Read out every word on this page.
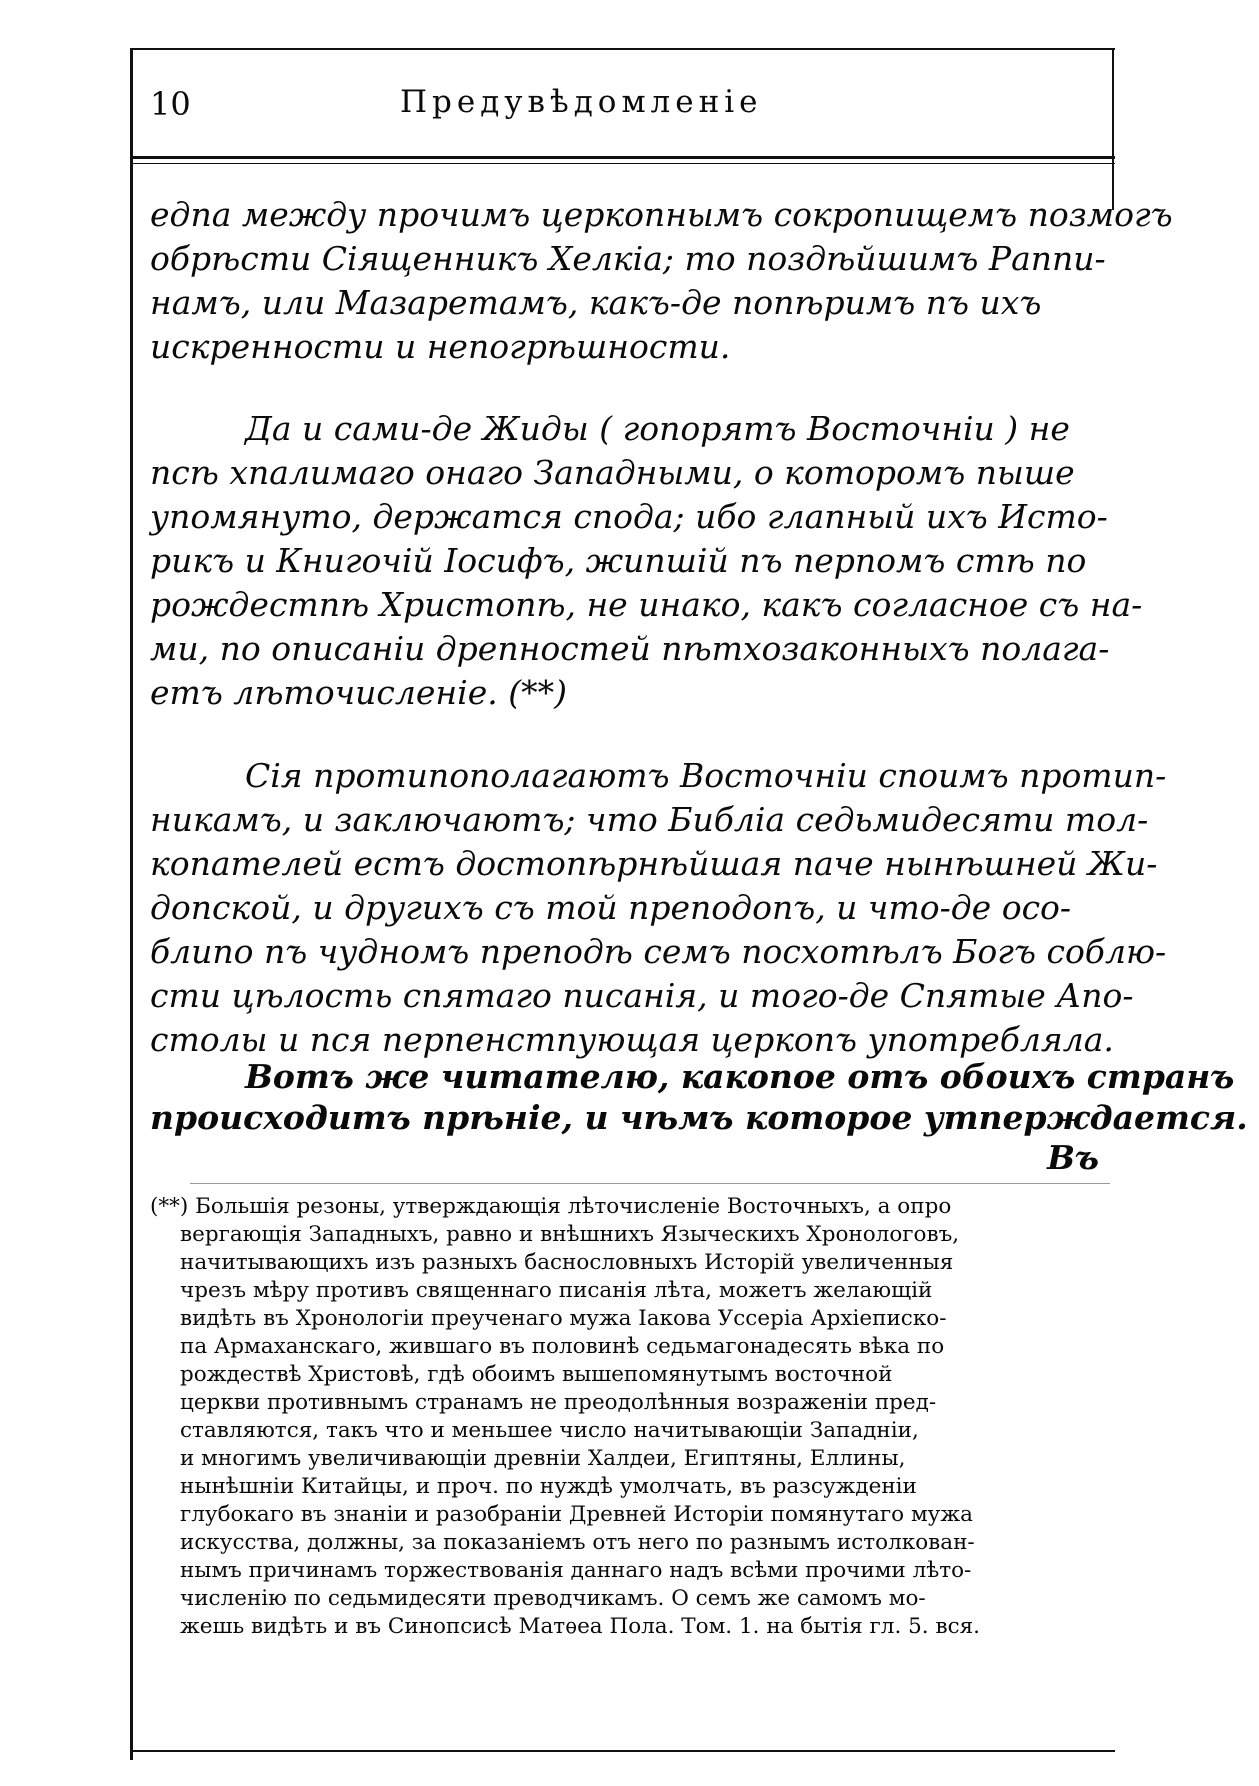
10	Предувѣдомленіе
едпа между прочимъ церкопнымъ сокропищемъ позмогъ
обрѣсти Сіященникъ Хелкіа; то поздѣйшимъ Раппи-
намъ, или Мазаретамъ, какъ-де попѣримъ пъ ихъ
искренности и непогрѣшности.
Да и сами-де Жиды ( гопорятъ Восточніи ) не
псѣ хпалимаго онаго Западными, о которомъ пыше
упомянуто, держатся спода; ибо глапный ихъ Исто-
рикъ и Книгочій Іосифъ, жипшій пъ перпомъ стѣ по
рождестпѣ Христопѣ, не инако, какъ согласное съ на-
ми, по описаніи дрепностей пѣтхозаконныхъ полага-
етъ лѣточисленіе. (**)
Сія протипополагаютъ Восточніи споимъ протип-
никамъ, и заключаютъ; что Библіа седьмидесяти тол-
копателей естъ достопѣрнѣйшая паче нынѣшней Жи-
допской, и другихъ съ той преподопъ, и что-де осо-
блипо пъ чудномъ преподѣ семъ посхотѣлъ Богъ соблю-
сти цѣлость спятаго писанія, и того-де Спятые Апо-
столы и пся перпенстпующая церкопъ употребляла.
Вотъ же читателю, какопое отъ обоихъ странъ
происходитъ прѣніе, и чѣмъ которое утперждается.
Въ
(**) Большія резоны, утверждающія лѣточисленіе Восточныхъ, а опро
вергающія Западныхъ, равно и внѣшнихъ Языческихъ Хронологовъ,
начитывающихъ изъ разныхъ баснословныхъ Исторій увеличенныя
чрезъ мѣру противъ священнаго писанія лѣта, можетъ желающій
видѣть въ Хронологіи преученаго мужа Іакова Уссеріа Архіеписко-
па Армаханскаго, жившаго въ половинѣ седьмагонадесять вѣка по
рождествѣ Христовѣ, гдѣ обоимъ вышепомянутымъ восточной
церкви противнымъ странамъ не преодолѣнныя возраженіи пред-
ставляются, такъ что и меньшее число начитывающіи Западніи,
и многимъ увеличивающіи древніи Халдеи, Египтяны, Еллины,
нынѣшніи Китайцы, и проч. по нуждѣ умолчать, въ разсужденіи
глубокаго въ знаніи и разобраніи Древней Исторіи помянутаго мужа
искусства, должны, за показаніемъ отъ него по разнымъ истолкован-
нымъ причинамъ торжествованія даннаго надъ всѣми прочими лѣто-
численію по седьмидесяти преводчикамъ. О семъ же самомъ мо-
жешь видѣть и въ Синопсисѣ Матѳеа Пола. Том. 1. на бытія гл. 5. вся.
